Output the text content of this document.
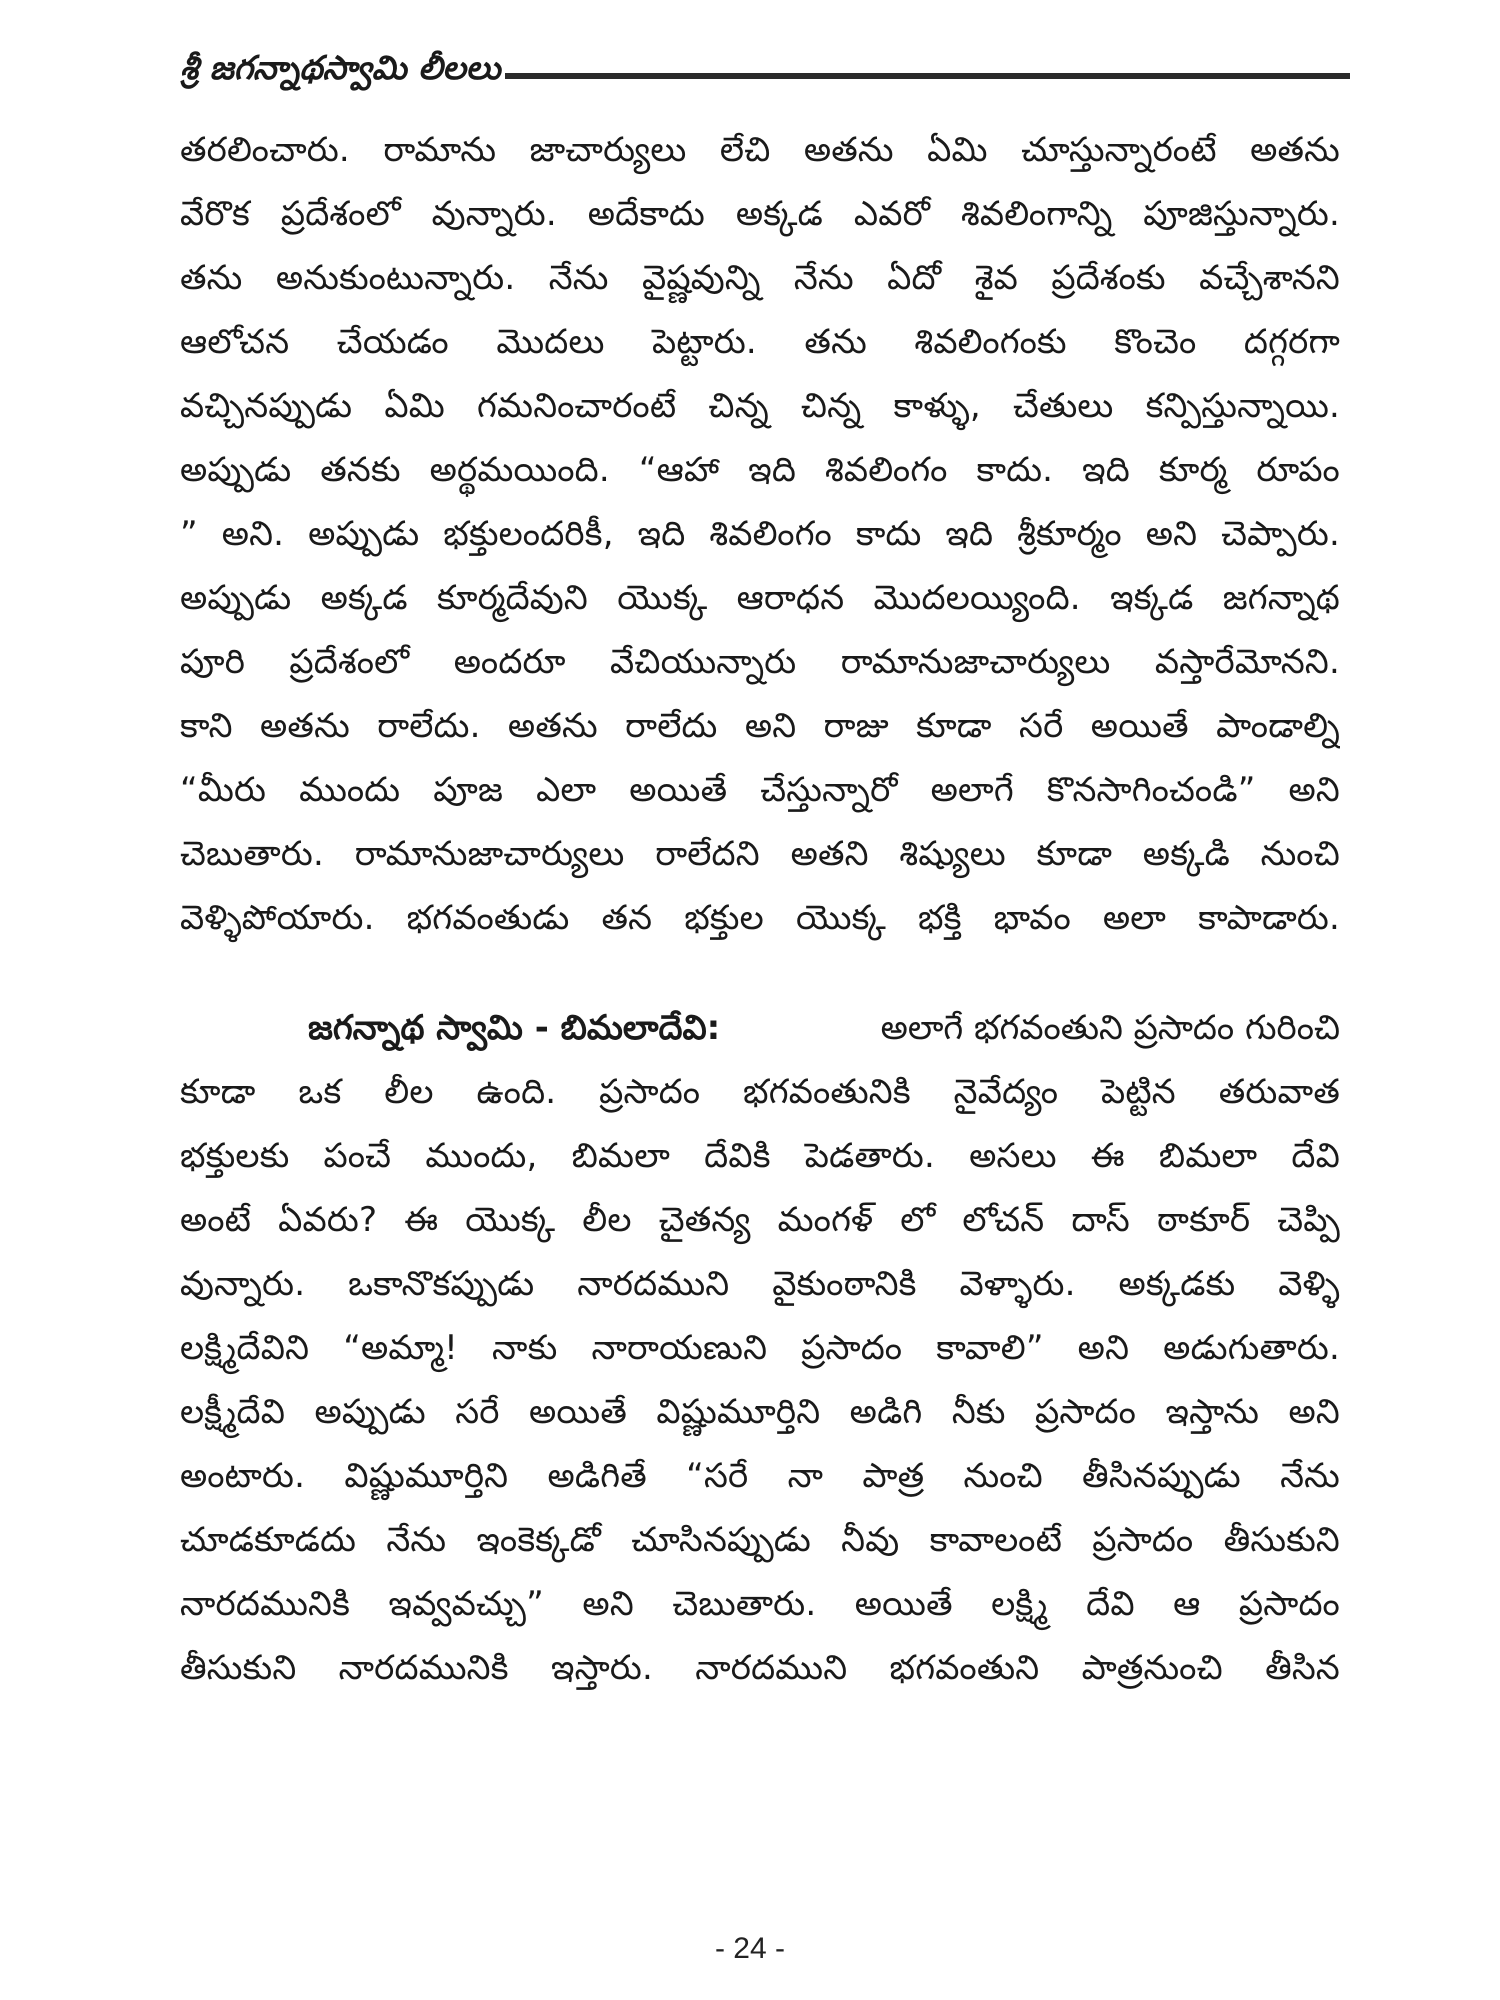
శ్రీ జగన్నాథస్వామి లీలలు
తరలించారు. రామాను జాచార్యులు లేచి అతను ఏమి చూస్తున్నారంటే అతను
వేరొక ప్రదేశంలో వున్నారు. అదేకాదు అక్కడ ఎవరో శివలింగాన్ని పూజిస్తున్నారు.
తను అనుకుంటున్నారు. నేను వైష్ణవున్ని నేను ఏదో శైవ ప్రదేశంకు వచ్చేశానని
ఆలోచన చేయడం మొదలు పెట్టారు. తను శివలింగంకు కొంచెం దగ్గరగా
వచ్చినప్పుడు ఏమి గమనించారంటే చిన్న చిన్న కాళ్ళు, చేతులు కన్పిస్తున్నాయి.
అప్పుడు తనకు అర్థమయింది. “ఆహా ఇది శివలింగం కాదు. ఇది కూర్మ రూపం
” అని. అప్పుడు భక్తులందరికీ, ఇది శివలింగం కాదు ఇది శ్రీకూర్మం అని చెప్పారు.
అప్పుడు అక్కడ కూర్మదేవుని యొక్క ఆరాధన మొదలయ్యింది. ఇక్కడ జగన్నాథ
పూరి ప్రదేశంలో అందరూ వేచియున్నారు రామానుజాచార్యులు వస్తారేమోనని.
కాని అతను రాలేదు. అతను రాలేదు అని రాజు కూడా సరే అయితే పాండాల్ని
“మీరు ముందు పూజ ఎలా అయితే చేస్తున్నారో అలాగే కొనసాగించండి” అని
చెబుతారు. రామానుజాచార్యులు రాలేదని అతని శిష్యులు కూడా అక్కడి నుంచి
వెళ్ళిపోయారు. భగవంతుడు తన భక్తుల యొక్క భక్తి భావం అలా కాపాడారు.
జగన్నాథ స్వామి - బిమలాదేవి:	అలాగే భగవంతుని ప్రసాదం గురించి
కూడా ఒక లీల ఉంది. ప్రసాదం భగవంతునికి నైవేద్యం పెట్టిన తరువాత
భక్తులకు పంచే ముందు, బిమలా దేవికి పెడతారు. అసలు ఈ బిమలా దేవి
అంటే ఏవరు? ఈ యొక్క లీల చైతన్య మంగళ్ లో లోచన్ దాస్ ఠాకూర్ చెప్పి
వున్నారు. ఒకానొకప్పుడు నారదముని వైకుంఠానికి వెళ్ళారు. అక్కడకు వెళ్ళి
లక్ష్మిదేవిని “అమ్మా! నాకు నారాయణుని ప్రసాదం కావాలి” అని అడుగుతారు.
లక్ష్మీదేవి అప్పుడు సరే అయితే విష్ణుమూర్తిని అడిగి నీకు ప్రసాదం ఇస్తాను అని
అంటారు. విష్ణుమూర్తిని అడిగితే “సరే నా పాత్ర నుంచి తీసినప్పుడు నేను
చూడకూడదు నేను ఇంకెక్కడో చూసినప్పుడు నీవు కావాలంటే ప్రసాదం తీసుకుని
నారదమునికి ఇవ్వవచ్చు” అని చెబుతారు. అయితే లక్ష్మి దేవి ఆ ప్రసాదం
తీసుకుని నారదమునికి ఇస్తారు. నారదముని భగవంతుని పాత్రనుంచి తీసిన
- 24 -
